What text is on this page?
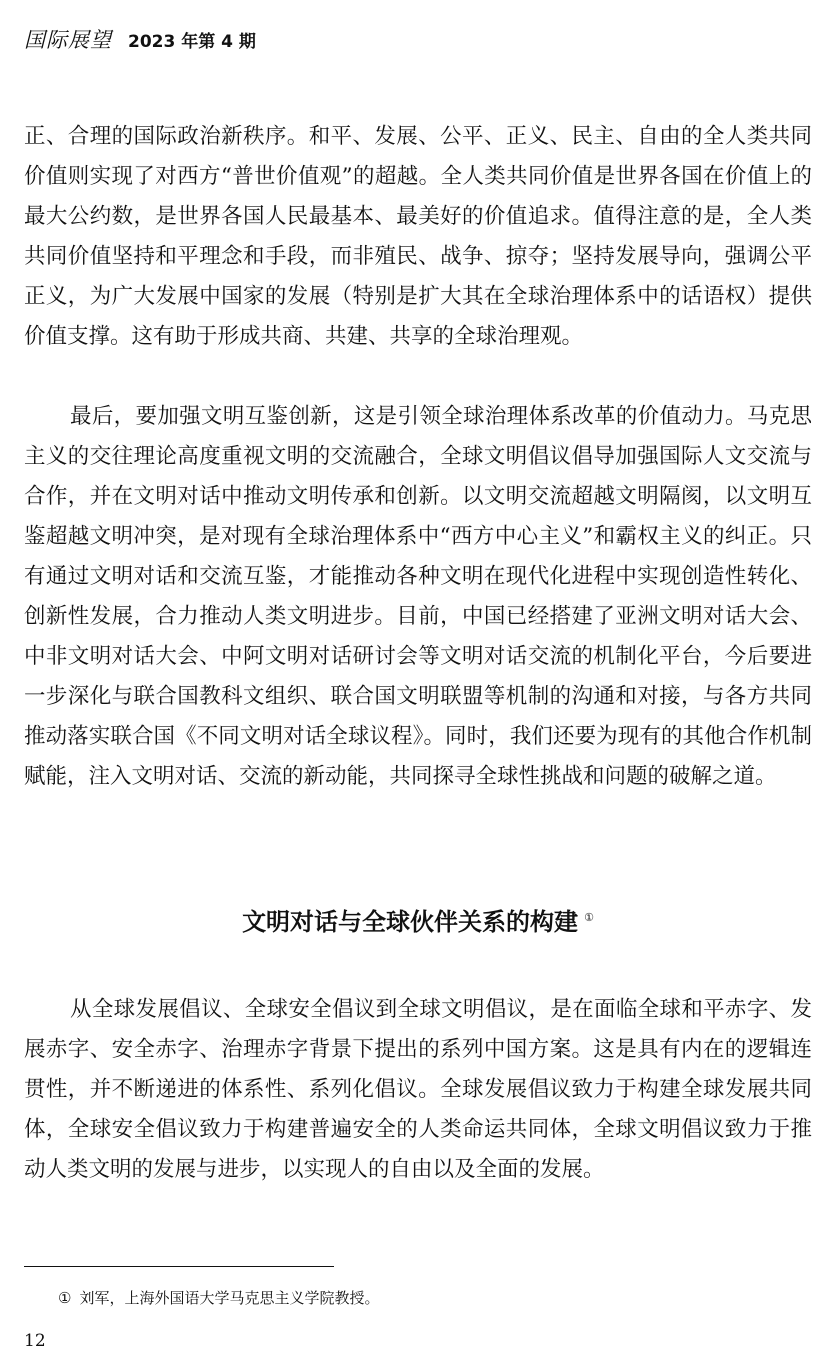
国际展望 2023 年第 4 期

正、合理的国际政治新秩序。和平、发展、公平、正义、民主、自由的全人类共同价值则实现了对西方“普世价值观”的超越。全人类共同价值是世界各国在价值上的最大公约数，是世界各国人民最基本、最美好的价值追求。值得注意的是，全人类共同价值坚持和平理念和手段，而非殖民、战争、掠夺；坚持发展导向，强调公平正义，为广大发展中国家的发展（特别是扩大其在全球治理体系中的话语权）提供价值支撑。这有助于形成共商、共建、共享的全球治理观。

最后，要加强文明互鉴创新，这是引领全球治理体系改革的价值动力。马克思主义的交往理论高度重视文明的交流融合，全球文明倡议倡导加强国际人文交流与合作，并在文明对话中推动文明传承和创新。以文明交流超越文明隔阂，以文明互鉴超越文明冲突，是对现有全球治理体系中“西方中心主义”和霸权主义的纠正。只有通过文明对话和交流互鉴，才能推动各种文明在现代化进程中实现创造性转化、创新性发展，合力推动人类文明进步。目前，中国已经搭建了亚洲文明对话大会、中非文明对话大会、中阿文明对话研讨会等文明对话交流的机制化平台，今后要进一步深化与联合国教科文组织、联合国文明联盟等机制的沟通和对接，与各方共同推动落实联合国《不同文明对话全球议程》。同时，我们还要为现有的其他合作机制赋能，注入文明对话、交流的新动能，共同探寻全球性挑战和问题的破解之道。

文明对话与全球伙伴关系的构建 ①

从全球发展倡议、全球安全倡议到全球文明倡议，是在面临全球和平赤字、发展赤字、安全赤字、治理赤字背景下提出的系列中国方案。这是具有内在的逻辑连贯性，并不断递进的体系性、系列化倡议。全球发展倡议致力于构建全球发展共同体，全球安全倡议致力于构建普遍安全的人类命运共同体，全球文明倡议致力于推动人类文明的发展与进步，以实现人的自由以及全面的发展。

① 刘军，上海外国语大学马克思主义学院教授。
12
